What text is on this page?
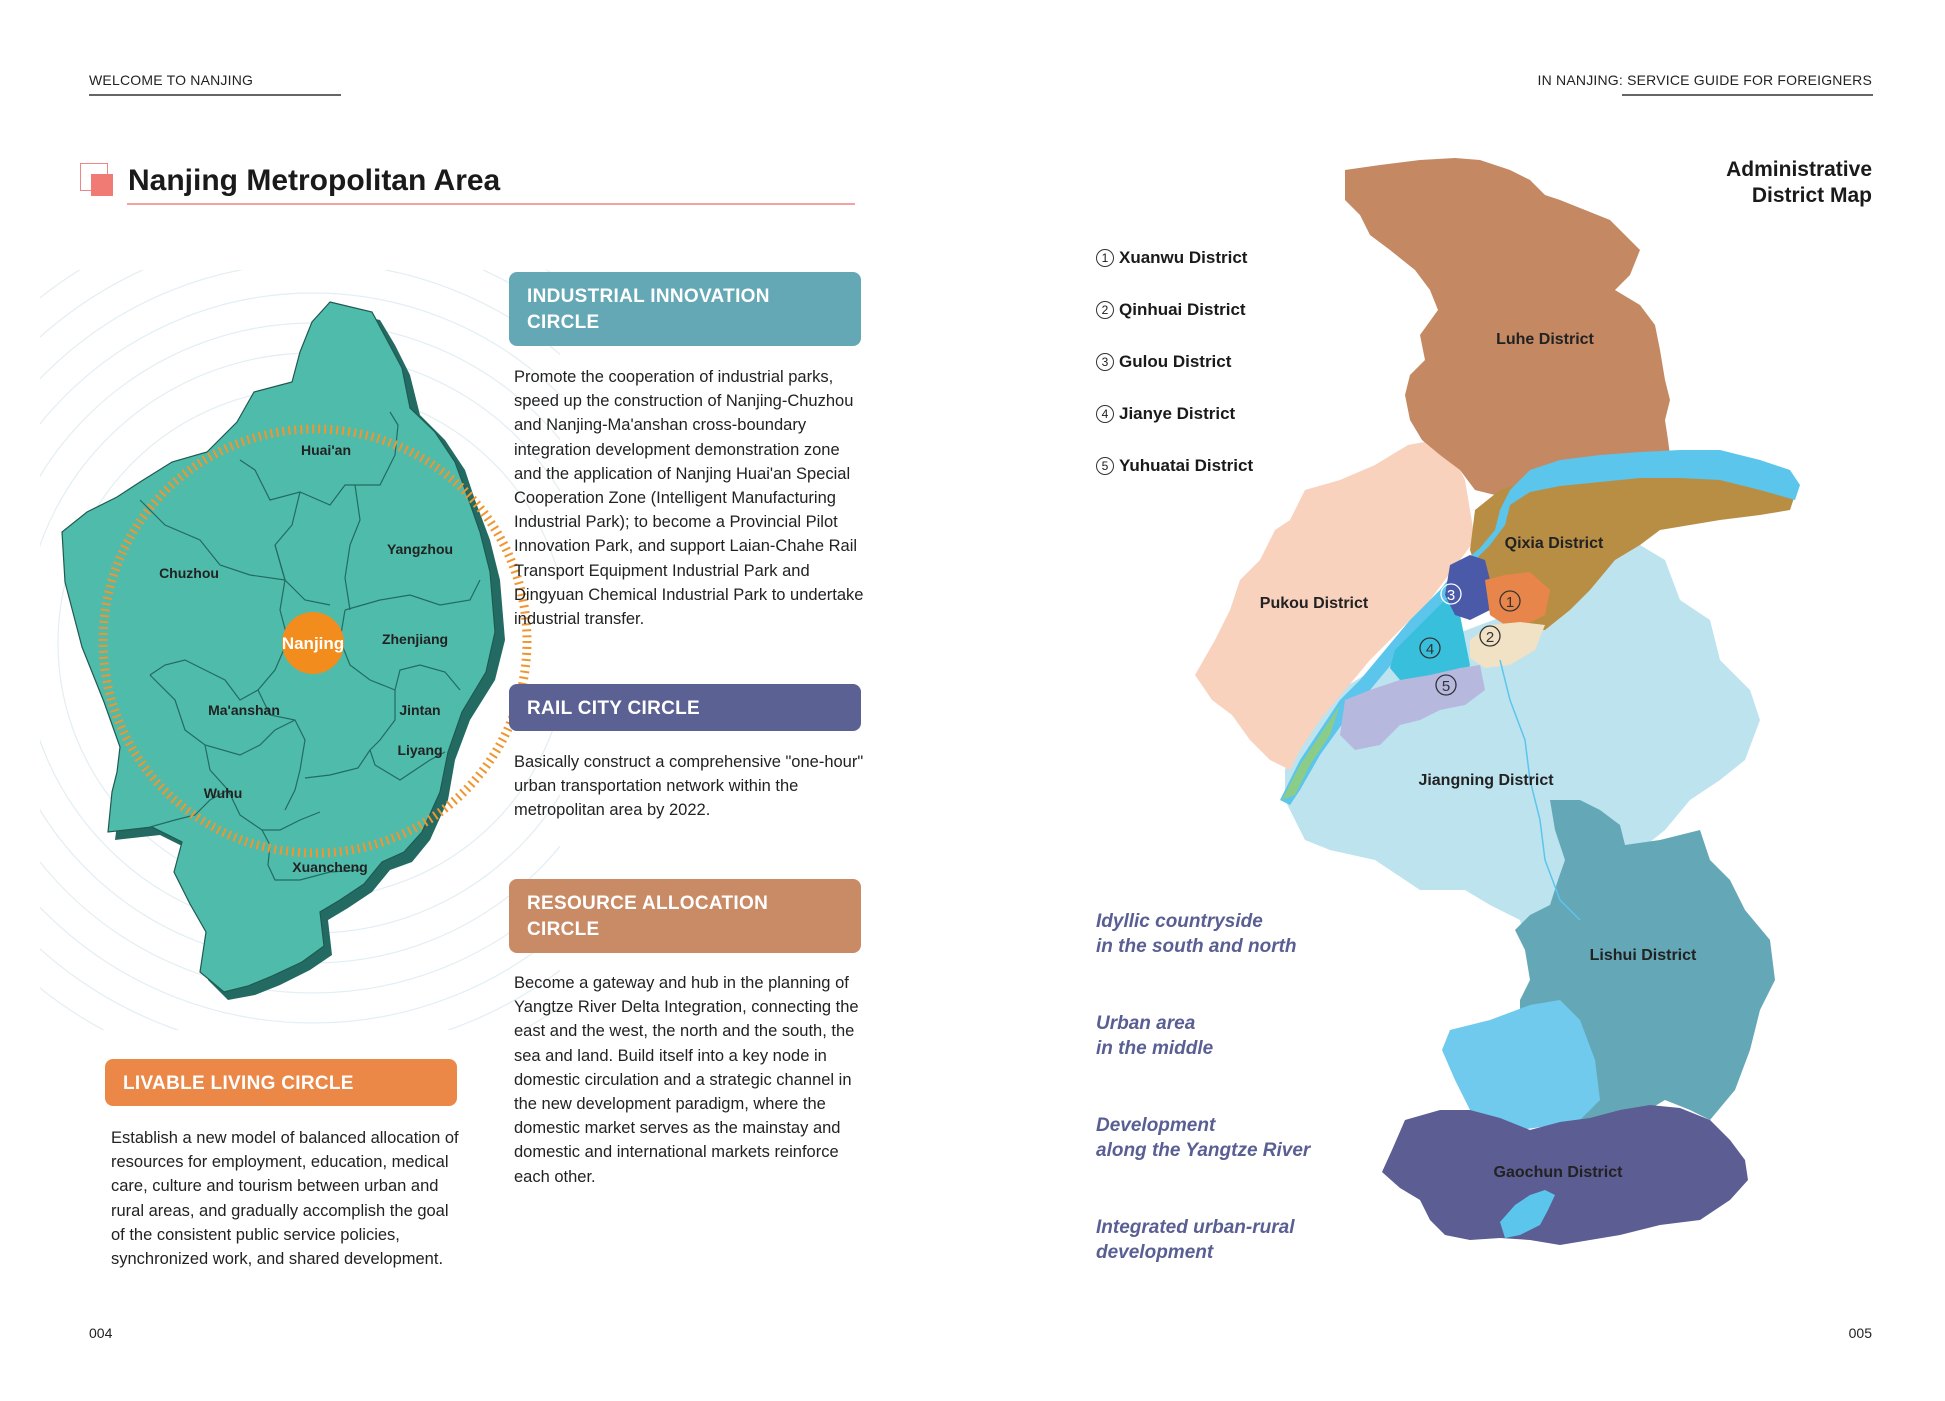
WELCOME TO NANJING	IN NANJING: SERVICE GUIDE FOR FOREIGNERS
Nanjing Metropolitan Area
Nanjing
Huai'an
Yangzhou
Chuzhou
Zhenjiang
Ma'anshan	Jintan
Liyang
Wuhu
Xuancheng
INDUSTRIAL INNOVATION CIRCLE
Promote the cooperation of industrial parks, speed up the construction of Nanjing-Chuzhou and Nanjing-Ma'anshan cross-boundary integration development demonstration zone and the application of Nanjing Huai'an Special Cooperation Zone (Intelligent Manufacturing Industrial Park); to become a Provincial Pilot Innovation Park, and support Laian-Chahe Rail Transport Equipment Industrial Park and Dingyuan Chemical Industrial Park to undertake industrial transfer.
RAIL CITY CIRCLE
Basically construct a comprehensive "one-hour" urban transportation network within the metropolitan area by 2022.
RESOURCE ALLOCATION CIRCLE
Become a gateway and hub in the planning of Yangtze River Delta Integration, connecting the east and the west, the north and the south, the sea and land. Build itself into a key node in domestic circulation and a strategic channel in the new development paradigm, where the domestic market serves as the mainstay and domestic and international markets reinforce each other.
LIVABLE LIVING CIRCLE
Establish a new model of balanced allocation of resources for employment, education, medical care, culture and tourism between urban and rural areas, and gradually accomplish the goal of the consistent public service policies, synchronized work, and shared development.
Administrative
District Map
1 Xuanwu District
2 Qinhuai District
3 Gulou District
4 Jianye District
5 Yuhuatai District
3	1
2
4
5
Luhe District
Qixia District
Pukou District
Jiangning District
Lishui District
Gaochun District
Idyllic countryside
in the south and north
Urban area
in the middle
Development
along the Yangtze River
Integrated urban-rural
development
004	005
